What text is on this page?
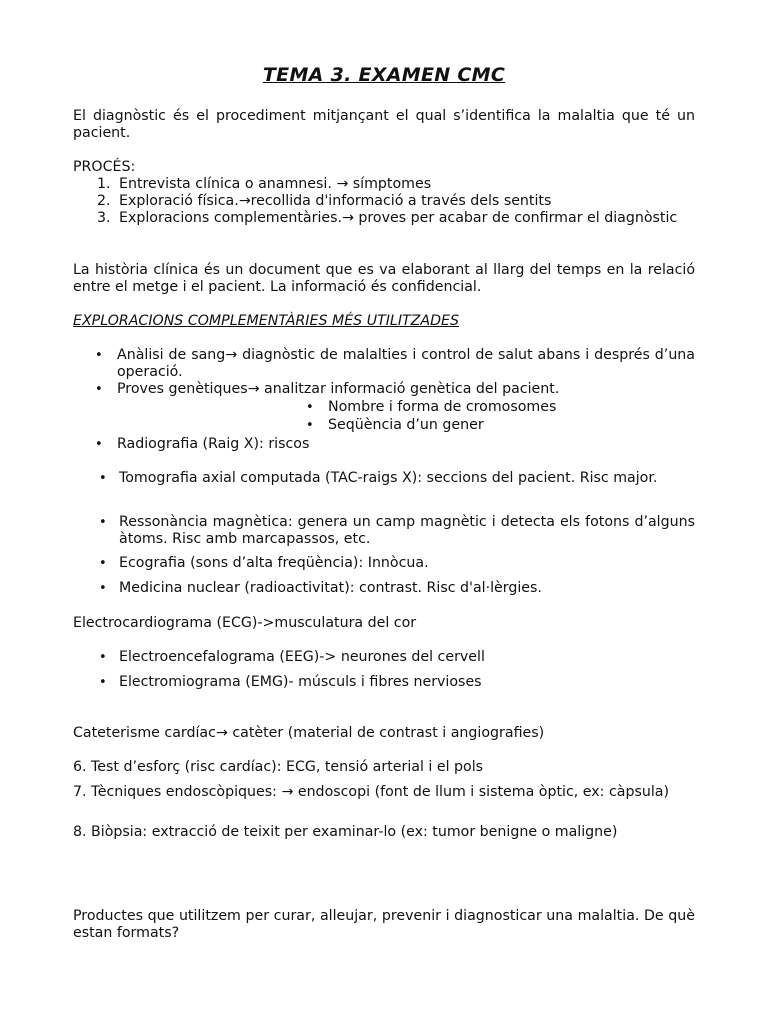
TEMA 3. EXAMEN CMC
El diagnòstic és el procediment mitjançant el qual s’identifica la malaltia que té un pacient.
PROCÉS:
1. Entrevista clínica o anamnesi. → símptomes
2. Exploració física.→recollida d'informació a través dels sentits
3. Exploracions complementàries.→ proves per acabar de confirmar el diagnòstic
La història clínica és un document que es va elaborant al llarg del temps en la relació entre el metge i el pacient. La informació és confidencial.
EXPLORACIONS COMPLEMENTÀRIES MÉS UTILITZADES
• Anàlisi de sang→ diagnòstic de malalties i control de salut abans i després d’una operació.
• Proves genètiques→ analitzar informació genètica del pacient.
• Nombre i forma de cromosomes
• Seqüència d’un gener
• Radiografia (Raig X): riscos
• Tomografia axial computada (TAC-raigs X): seccions del pacient. Risc major.
• Ressonància magnètica: genera un camp magnètic i detecta els fotons d’alguns àtoms. Risc amb marcapassos, etc.
• Ecografia (sons d’alta freqüència): Innòcua.
• Medicina nuclear (radioactivitat): contrast. Risc d'al·lèrgies.
Electrocardiograma (ECG)->musculatura del cor
• Electroencefalograma (EEG)-> neurones del cervell
• Electromiograma (EMG)- músculs i fibres nervioses
Cateterisme cardíac→ catèter (material de contrast i angiografies)
6. Test d’esforç (risc cardíac): ECG, tensió arterial i el pols
7. Tècniques endoscòpiques: → endoscopi (font de llum i sistema òptic, ex: càpsula)
8. Biòpsia: extracció de teixit per examinar-lo (ex: tumor benigne o maligne)
Productes que utilitzem per curar, alleujar, prevenir i diagnosticar una malaltia. De què estan formats?
